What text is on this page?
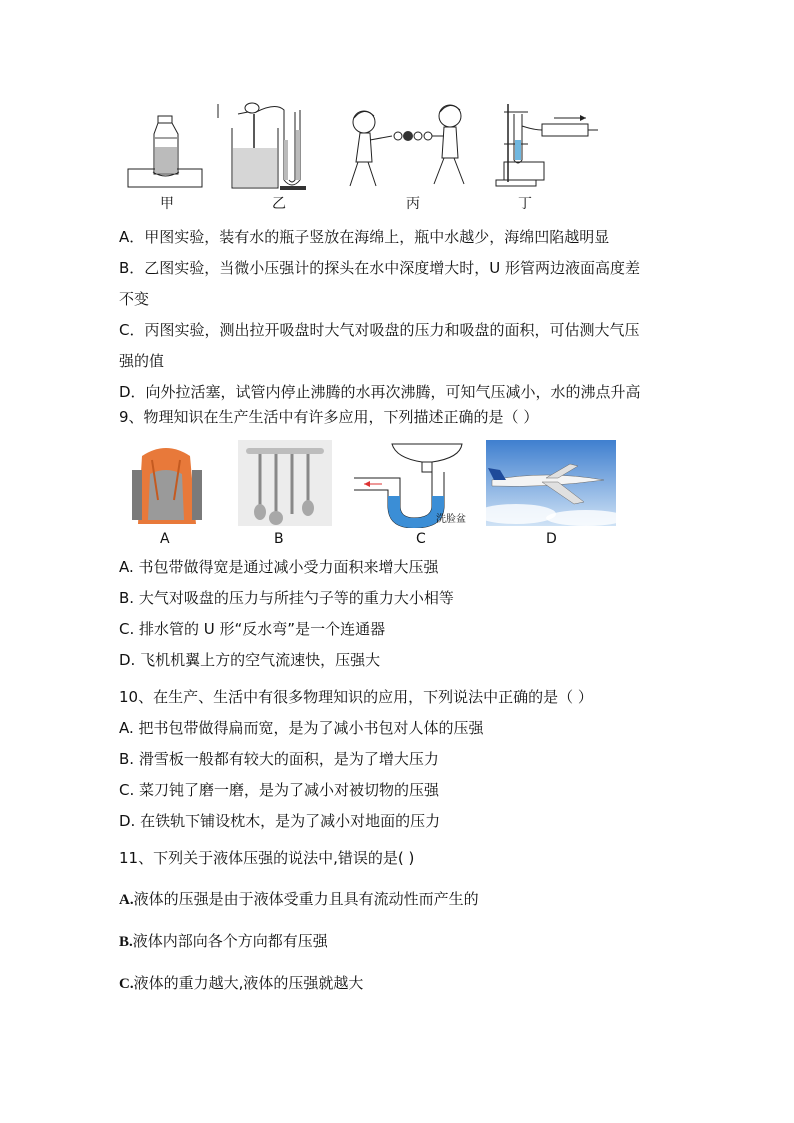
甲	乙	丙	丁
A．甲图实验，装有水的瓶子竖放在海绵上，瓶中水越少，海绵凹陷越明显
B．乙图实验，当微小压强计的探头在水中深度增大时，U 形管两边液面高度差
不变
C．丙图实验，测出拉开吸盘时大气对吸盘的压力和吸盘的面积，可估测大气压
强的值
D．向外拉活塞，试管内停止沸腾的水再次沸腾，可知气压减小，水的沸点升高
9、物理知识在生产生活中有许多应用，下列描述正确的是（ ）
A	B
洗脸盆
C	D
A. 书包带做得宽是通过减小受力面积来增大压强
B. 大气对吸盘的压力与所挂勺子等的重力大小相等
C. 排水管的 U 形“反水弯”是一个连通器
D. 飞机机翼上方的空气流速快，压强大
10、在生产、生活中有很多物理知识的应用，下列说法中正确的是（ ）
A. 把书包带做得扁而宽，是为了减小书包对人体的压强
B. 滑雪板一般都有较大的面积，是为了增大压力
C. 菜刀钝了磨一磨，是为了减小对被切物的压强
D. 在铁轨下铺设枕木，是为了减小对地面的压力
11、下列关于液体压强的说法中,错误的是( )
A.液体的压强是由于液体受重力且具有流动性而产生的
B.液体内部向各个方向都有压强
C.液体的重力越大,液体的压强就越大
